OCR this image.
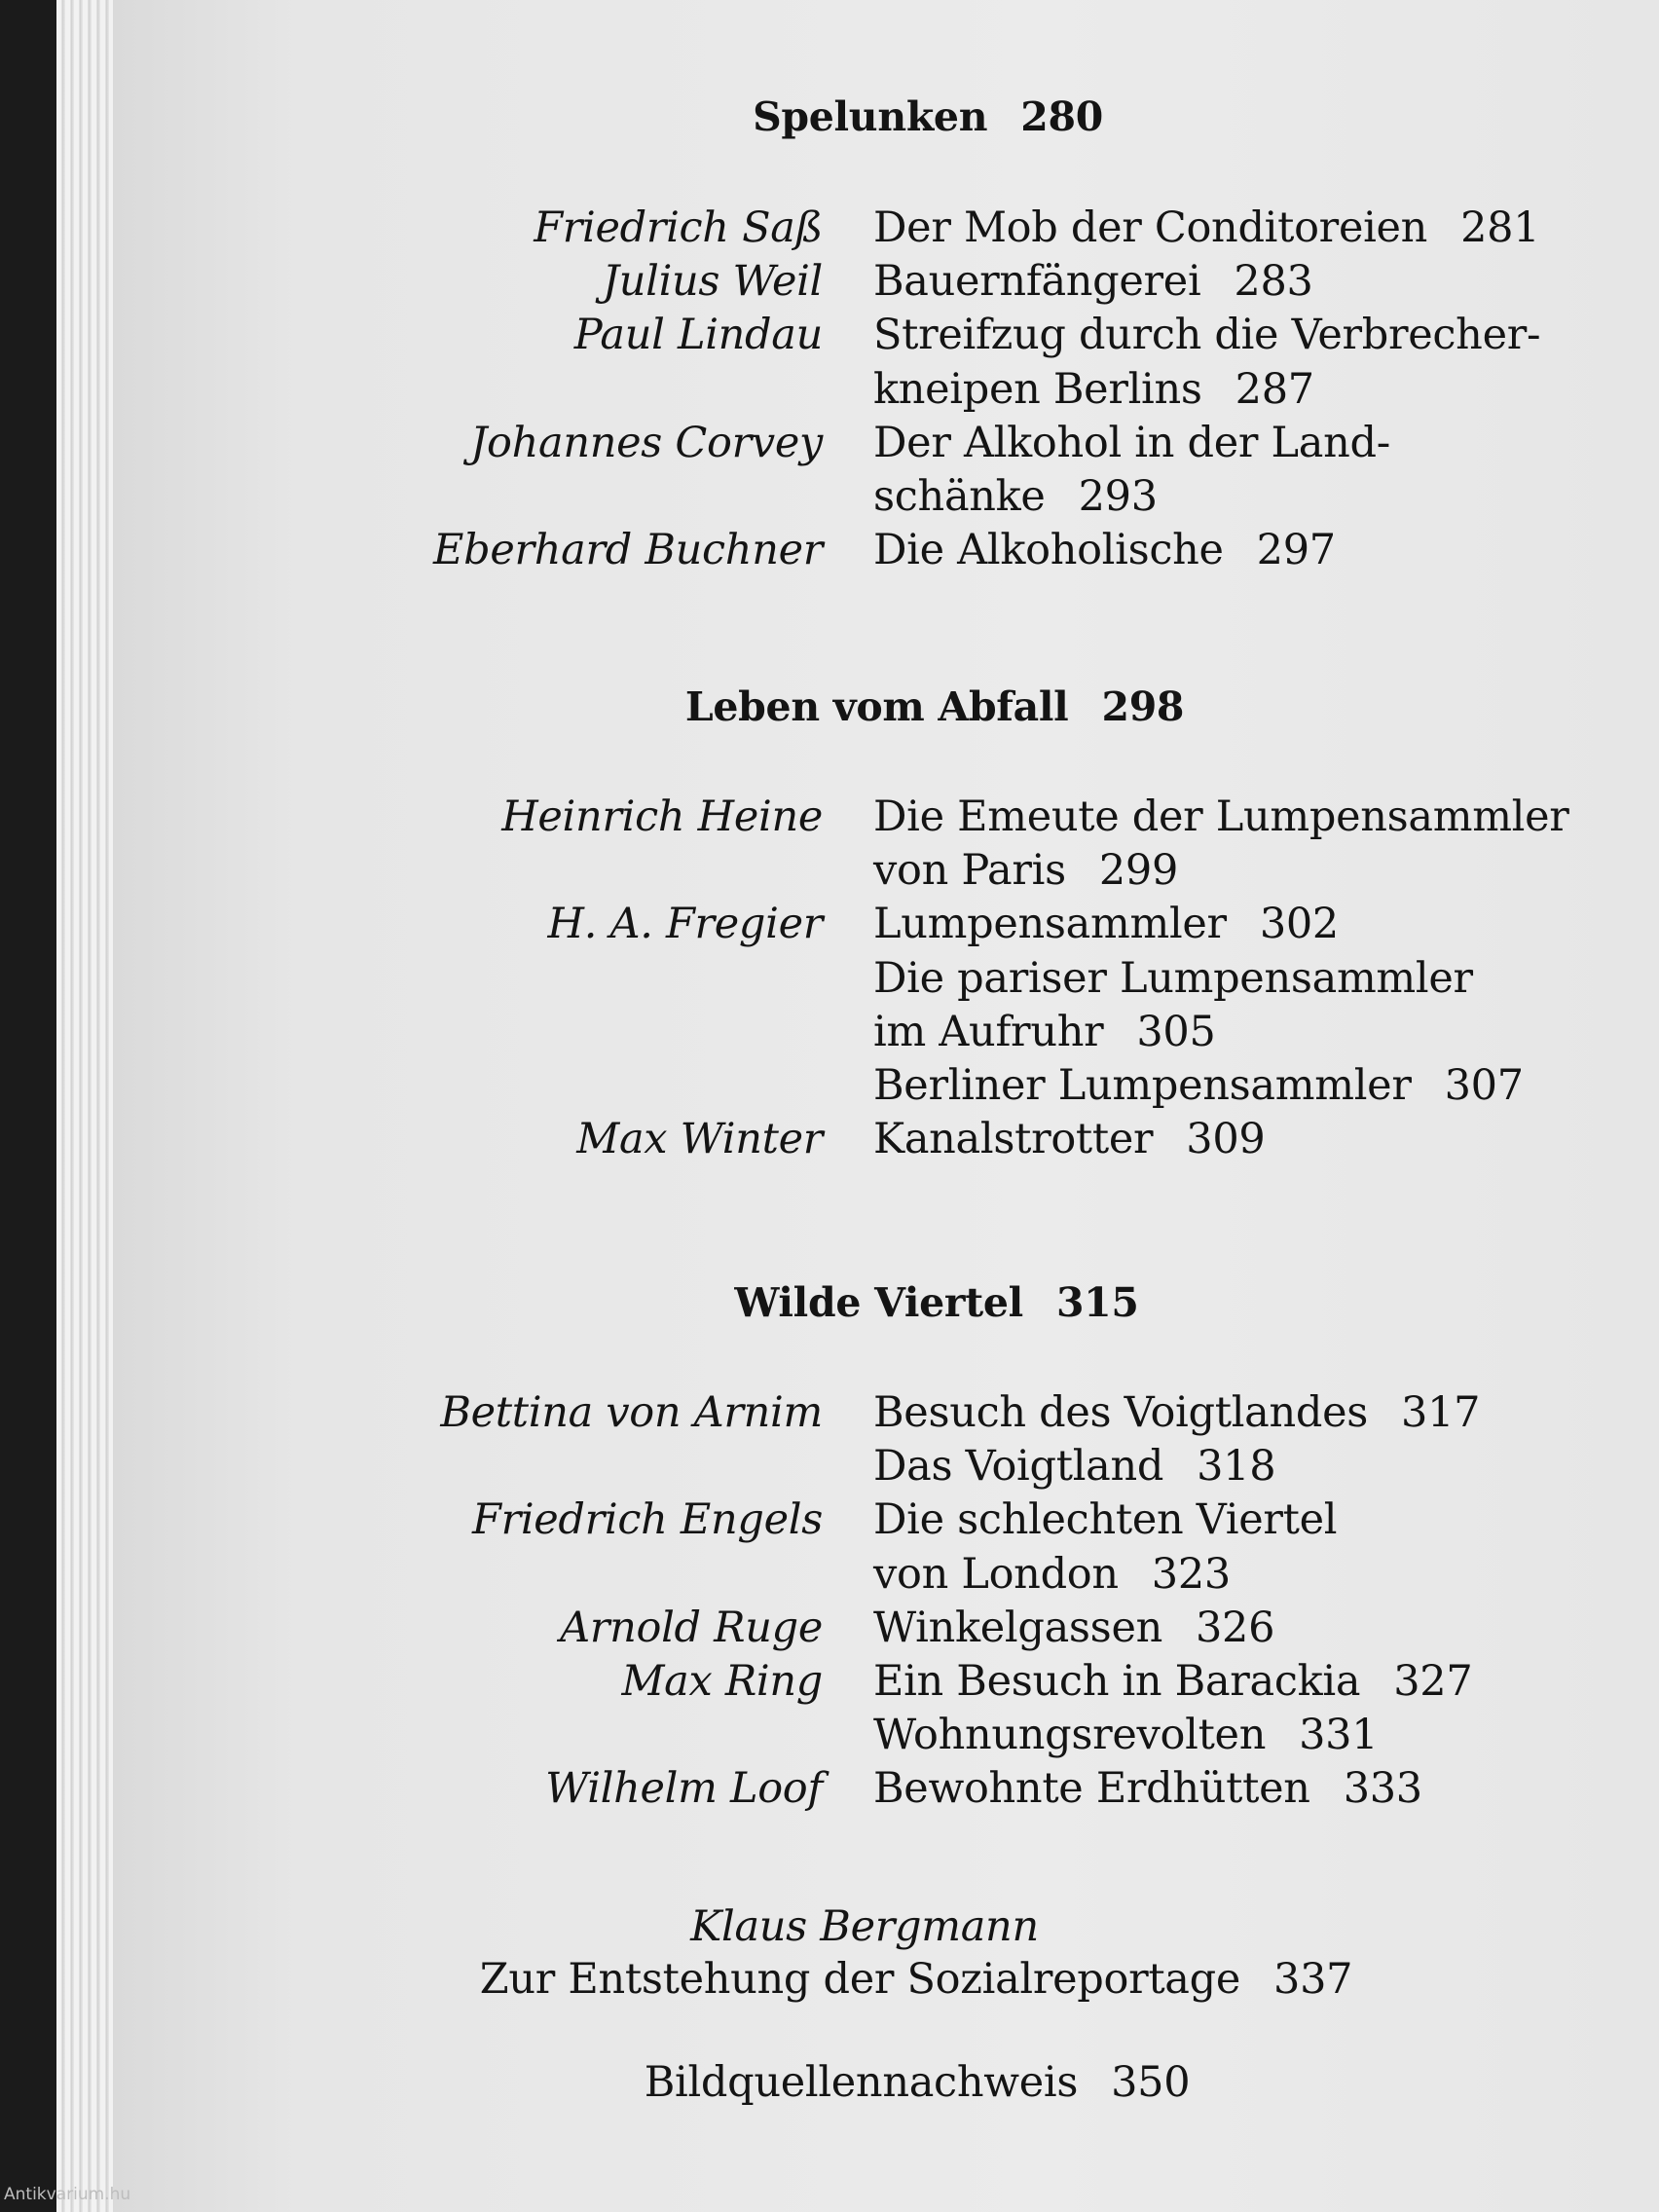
Antikvarium.hu
Spelunken 280
Friedrich Saß Der Mob der Conditoreien 281
Julius Weil Bauernfängerei 283
Paul Lindau Streifzug durch die Verbrecher-
kneipen Berlins 287
Johannes Corvey Der Alkohol in der Land-
schänke 293
Eberhard Buchner Die Alkoholische 297
Leben vom Abfall 298
Heinrich Heine Die Emeute der Lumpensammler
von Paris 299
H. A. Fregier Lumpensammler 302
Die pariser Lumpensammler
im Aufruhr 305
Berliner Lumpensammler 307
Max Winter Kanalstrotter 309
Wilde Viertel 315
Bettina von Arnim Besuch des Voigtlandes 317
Das Voigtland 318
Friedrich Engels Die schlechten Viertel
von London 323
Arnold Ruge Winkelgassen 326
Max Ring Ein Besuch in Barackia 327
Wohnungsrevolten 331
Wilhelm Loof Bewohnte Erdhütten 333
Klaus Bergmann
Zur Entstehung der Sozialreportage 337
Bildquellennachweis 350
